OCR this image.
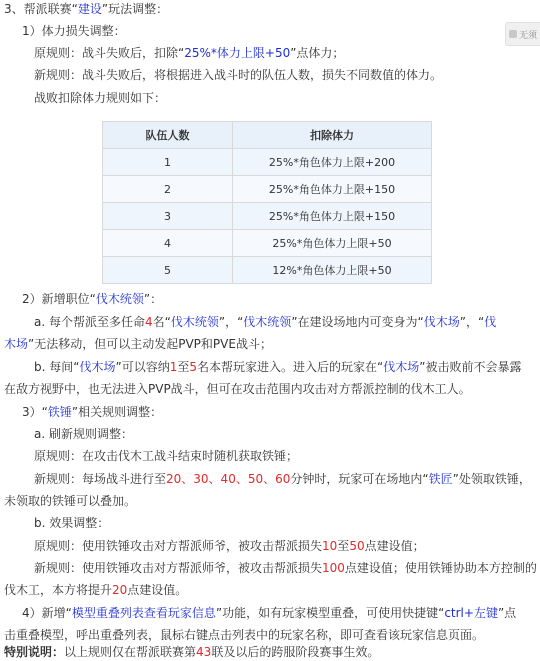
无须
3、帮派联赛“建设”玩法调整：
1）体力损失调整：
原规则：战斗失败后，扣除“25%*体力上限+50”点体力；
新规则：战斗失败后，将根据进入战斗时的队伍人数，损失不同数值的体力。
战败扣除体力规则如下：
队伍人数	扣除体力
1	25%*角色体力上限+200
2	25%*角色体力上限+150
3	25%*角色体力上限+150
4	25%*角色体力上限+50
5	12%*角色体力上限+50
2）新增职位“伐木统领”：
a. 每个帮派至多任命4名“伐木统领”，“伐木统领”在建设场地内可变身为“伐木场”，“伐
木场”无法移动，但可以主动发起PVP和PVE战斗；
b. 每间“伐木场”可以容纳1至5名本帮玩家进入。进入后的玩家在“伐木场”被击败前不会暴露
在敌方视野中，也无法进入PVP战斗，但可在攻击范围内攻击对方帮派控制的伐木工人。
3）“铁锤”相关规则调整：
a. 刷新规则调整：
原规则：在攻击伐木工战斗结束时随机获取铁锤；
新规则：每场战斗进行至20、30、40、50、60分钟时，玩家可在场地内“铁匠”处领取铁锤，
未领取的铁锤可以叠加。
b. 效果调整：
原规则：使用铁锤攻击对方帮派师爷，被攻击帮派损失10至50点建设值；
新规则：使用铁锤攻击对方帮派师爷，被攻击帮派损失100点建设值；使用铁锤协助本方控制的
伐木工，本方将提升20点建设值。
4）新增“模型重叠列表查看玩家信息”功能，如有玩家模型重叠，可使用快捷键“ctrl+左键”点
击重叠模型，呼出重叠列表，鼠标右键点击列表中的玩家名称，即可查看该玩家信息页面。
特别说明：以上规则仅在帮派联赛第43联及以后的跨服阶段赛事生效。
